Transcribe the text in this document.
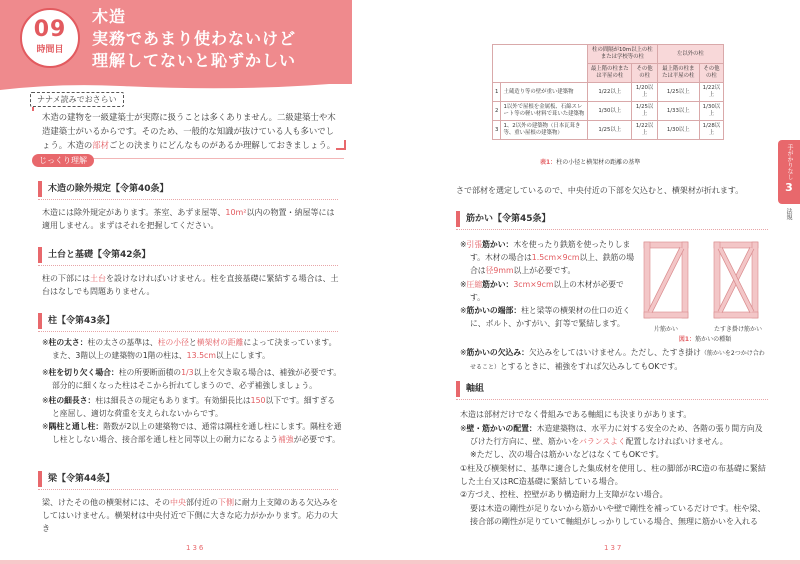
09
時間目
木造
実務であまり使わないけど
理解してないと恥ずかしい
木造の建物を一級建築士が実際に扱うことは多くありません。二級建築士や木造建築士がいるからです。そのため、一般的な知識が抜けている人も多いでしょう。木造の部材ごとの決まりにどんなものがあるか理解しておきましょう。
ナナメ読みでおさらい
じっくり理解
木造の除外規定【令第40条】
木造には除外規定があります。茶室、あずま屋等、10m²以内の物置・納屋等には適用しません。まずはそれを把握してください。
土台と基礎【令第42条】
柱の下部には土台を設けなければいけません。柱を直接基礎に緊結する場合は、土台はなしでも問題ありません。
柱【令第43条】
※柱の太さ：柱の太さの基準は、柱の小径と横架材の距離によって決まっています。また、3階以上の建築物の1階の柱は、13.5cm以上にします。
※柱を切り欠く場合：柱の所要断面積の1/3以上を欠き取る場合は、補強が必要です。部分的に細くなった柱はそこから折れてしまうので、必ず補強しましょう。
※柱の細長さ：柱は細長さの規定もあります。有効細長比は150以下です。細すぎると座屈し、適切な荷重を支えられないからです。
※隅柱と通し柱：階数が2以上の建築物では、通常は隅柱を通し柱にします。隅柱を通し柱としない場合、接合部を通し柱と同等以上の耐力になるよう補強が必要です。
梁【令第44条】
梁、けたその他の横架材には、その中央部付近の下側に耐力上支障のある欠込みをしてはいけません。横架材は中央付近で下側に大きな応力がかかります。応力の大き
136
		柱の間隔が10m以上の柱または学校等の柱		左以外の柱	
		最上階の柱または平屋の柱	その他の柱	最上階の柱または平屋の柱	その他の柱
1	土蔵造り等の壁が重い建築物	1/22以上	1/20以上	1/25以上	1/22以上
2	1以外で屋根を金属板、石綿スレート等の軽い材料で葺いた建築物	1/30以上	1/25以上	1/33以上	1/30以上
3	1、2以外の建築物（日本瓦葺き等、重い屋根の建築物）	1/25以上	1/22以上	1/30以上	1/28以上
表1：柱の小径と横架材の距離の基準	手がかりなし
3
法規
さで部材を選定しているので、中央付近の下部を欠込むと、横架材が折れます。
筋かい【令第45条】
※引張筋かい：木を使ったり鉄筋を使ったりします。木材の場合は1.5cm×9cm以上、鉄筋の場合は径9mm以上が必要です。
※圧縮筋かい：3cm×9cm以上の木材が必要です。
※筋かいの端部：柱と梁等の横架材の仕口の近くに、ボルト、かすがい、釘等で緊結します。
※筋かいの欠込み：欠込みをしてはいけません。ただし、たすき掛け（筋かいを2つかけ合わせること）とするときに、補強をすれば欠込みしてもOKです。
片筋かい	たすき掛け筋かい
図1：筋かいの種類
軸組
木造は部材だけでなく骨組みである軸組にも決まりがあります。
※壁・筋かいの配置：木造建築物は、水平力に対する安全のため、各階の張り間方向及びけた行方向に、壁、筋かいをバランスよく配置しなければいけません。
※ただし、次の場合は筋かいなどはなくてもOKです。
①柱及び横架材に、基準に適合した集成材を使用し、柱の脚部がRC造の布基礎に緊結した土台又はRC造基礎に緊結している場合。
②方づえ、控柱、控壁があり構造耐力上支障がない場合。
要は木造の剛性が足りないから筋かいや壁で剛性を補っているだけです。柱や梁、接合部の剛性が足りていて軸組がしっかりしている場合、無理に筋かいを入れる
137
